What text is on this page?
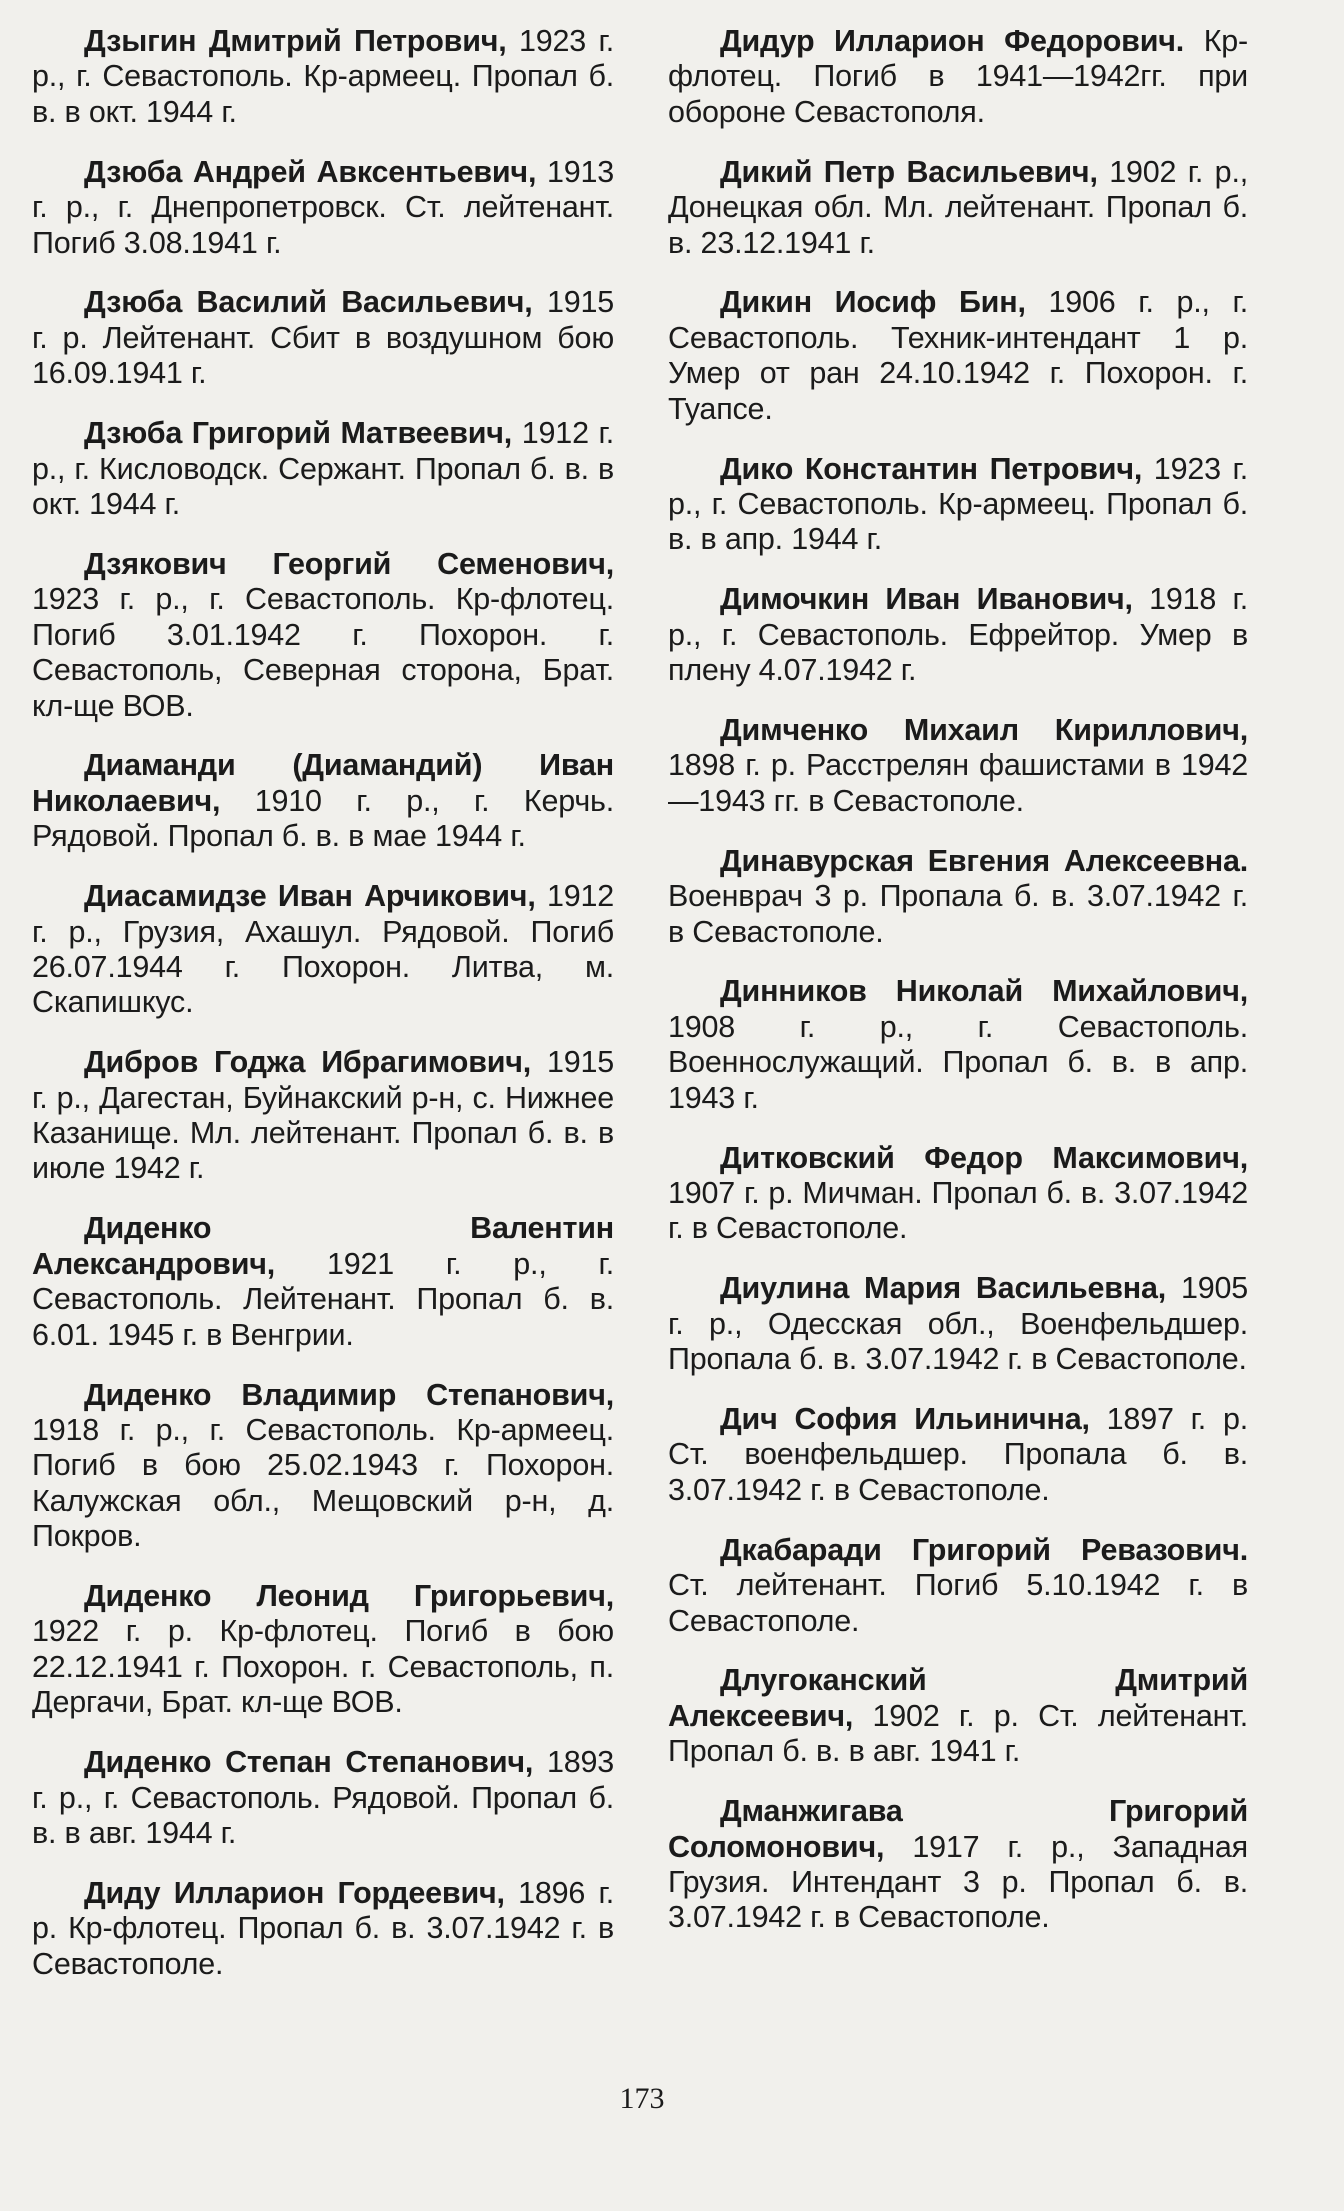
Дзыгин Дмитрий Петрович, 1923 г. р., г. Севастополь. Кр-армеец. Пропал б. в. в окт. 1944 г.

Дзюба Андрей Авксентьевич, 1913 г. р., г. Днепропетровск. Ст. лейтенант. Погиб 3.08.1941 г.

Дзюба Василий Васильевич, 1915 г. р. Лейтенант. Сбит в воздушном бою 16.09.1941 г.

Дзюба Григорий Матвеевич, 1912 г. р., г. Кисловодск. Сержант. Пропал б. в. в окт. 1944 г.

Дзякович Георгий Семенович, 1923 г. р., г. Севастополь. Кр-флотец. Погиб 3.01.1942 г. Похорон. г. Севастополь, Северная сторона, Брат. кл-ще ВОВ.

Диаманди (Диамандий) Иван Николаевич, 1910 г. р., г. Керчь. Рядовой. Пропал б. в. в мае 1944 г.

Диасамидзе Иван Арчикович, 1912 г. р., Грузия, Ахашул. Рядовой. Погиб 26.07.1944 г. Похорон. Литва, м. Скапишкус.

Дибров Годжа Ибрагимович, 1915 г. р., Дагестан, Буйнакский р-н, с. Нижнее Казанище. Мл. лейтенант. Пропал б. в. в июле 1942 г.

Диденко Валентин Александрович, 1921 г. р., г. Севастополь. Лейтенант. Пропал б. в. 6.01. 1945 г. в Венгрии.

Диденко Владимир Степанович, 1918 г. р., г. Севастополь. Кр-армеец. Погиб в бою 25.02.1943 г. Похорон. Калужская обл., Мещовский р-н, д. Покров.

Диденко Леонид Григорьевич, 1922 г. р. Кр-флотец. Погиб в бою 22.12.1941 г. Похорон. г. Севастополь, п. Дергачи, Брат. кл-ще ВОВ.

Диденко Степан Степанович, 1893 г. р., г. Севастополь. Рядовой. Пропал б. в. в авг. 1944 г.

Диду Илларион Гордеевич, 1896 г. р. Кр-флотец. Пропал б. в. 3.07.1942 г. в Севастополе.

Дидур Илларион Федорович. Кр-флотец. Погиб в 1941—1942гг. при обороне Севастополя.

Дикий Петр Васильевич, 1902 г. р., Донецкая обл. Мл. лейтенант. Пропал б. в. 23.12.1941 г.

Дикин Иосиф Бин, 1906 г. р., г. Севастополь. Техник-интендант 1 р. Умер от ран 24.10.1942 г. Похорон. г. Туапсе.

Дико Константин Петрович, 1923 г. р., г. Севастополь. Кр-армеец. Пропал б. в. в апр. 1944 г.

Димочкин Иван Иванович, 1918 г. р., г. Севастополь. Ефрейтор. Умер в плену 4.07.1942 г.

Димченко Михаил Кириллович, 1898 г. р. Расстрелян фашистами в 1942—1943 гг. в Севастополе.

Динавурская Евгения Алексеевна. Военврач 3 р. Пропала б. в. 3.07.1942 г. в Севастополе.

Динников Николай Михайлович, 1908 г. р., г. Севастополь. Военнослужащий. Пропал б. в. в апр. 1943 г.

Дитковский Федор Максимович, 1907 г. р. Мичман. Пропал б. в. 3.07.1942 г. в Севастополе.

Диулина Мария Васильевна, 1905 г. р., Одесская обл., Военфельдшер. Пропала б. в. 3.07.1942 г. в Севастополе.

Дич София Ильинична, 1897 г. р. Ст. военфельдшер. Пропала б. в. 3.07.1942 г. в Севастополе.

Дкабаради Григорий Ревазович. Ст. лейтенант. Погиб 5.10.1942 г. в Севастополе.

Длугоканский Дмитрий Алексеевич, 1902 г. р. Ст. лейтенант. Пропал б. в. в авг. 1941 г.

Дманжигава Григорий Соломонович, 1917 г. р., Западная Грузия. Интендант 3 р. Пропал б. в. 3.07.1942 г. в Севастополе.

173
